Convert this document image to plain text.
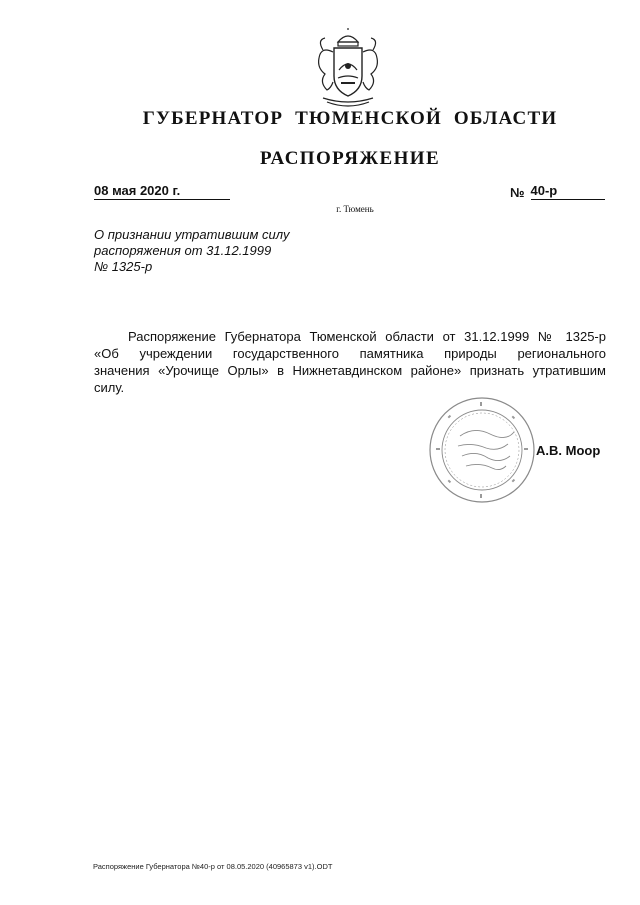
ГУБЕРНАТОР ТЮМЕНСКОЙ ОБЛАСТИ
РАСПОРЯЖЕНИЕ
08 мая 2020 г.	№ 40-р
г. Тюмень
О признании утратившим силу
распоряжения от 31.12.1999
№ 1325-р
Распоряжение Губернатора Тюменской области от 31.12.1999 № 1325-р
«Об учреждении государственного памятника природы регионального
значения «Урочище Орлы» в Нижнетавдинском районе» признать утратившим
силу.
А.В. Моор
Распоряжение Губернатора №40-р от 08.05.2020 (40965873 v1).ODT
